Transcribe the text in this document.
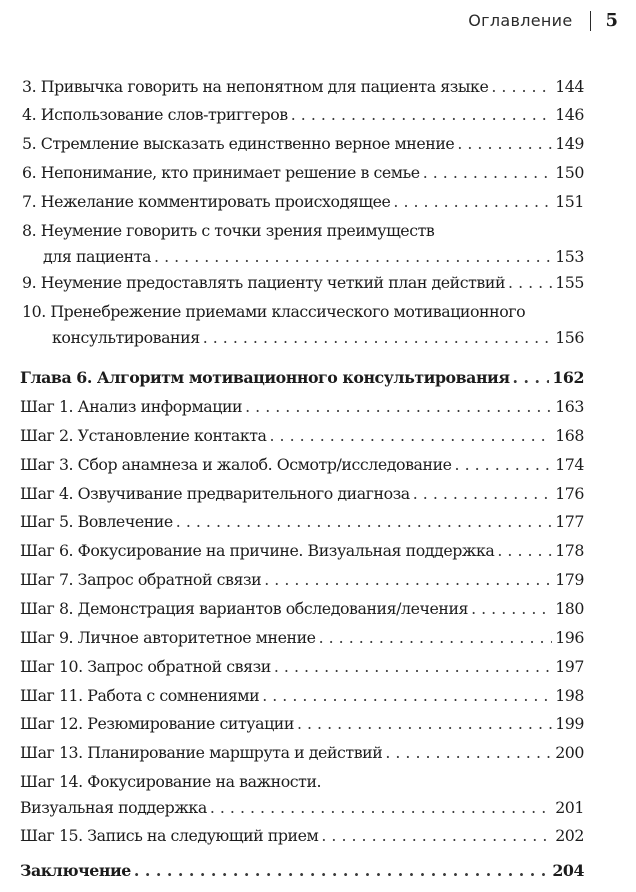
Оглавление 5
3. Привычка говорить на непонятном для пациента языке . . .	144
4. Использование слов-триггеров . . .	146
5. Стремление высказать единственно верное мнение . . .	149
6. Непонимание, кто принимает решение в семье . . .	150
7. Нежелание комментировать происходящее . . .	151
8. Неумение говорить с точки зрения преимуществ
для пациента . . .	153
9. Неумение предоставлять пациенту четкий план действий . . .	155
10. Пренебрежение приемами классического мотивационного
консультирования . . .	156
Глава 6. Алгоритм мотивационного консультирования . . .	162
Шаг 1. Анализ информации . . .	163
Шаг 2. Установление контакта . . .	168
Шаг 3. Сбор анамнеза и жалоб. Осмотр/исследование . . .	174
Шаг 4. Озвучивание предварительного диагноза . . .	176
Шаг 5. Вовлечение . . .	177
Шаг 6. Фокусирование на причине. Визуальная поддержка . . .	178
Шаг 7. Запрос обратной связи . . .	179
Шаг 8. Демонстрация вариантов обследования/лечения . . .	180
Шаг 9. Личное авторитетное мнение . . .	196
Шаг 10. Запрос обратной связи . . .	197
Шаг 11. Работа с сомнениями . . .	198
Шаг 12. Резюмирование ситуации . . .	199
Шаг 13. Планирование маршрута и действий . . .	200
Шаг 14. Фокусирование на важности.
Визуальная поддержка . . .	201
Шаг 15. Запись на следующий прием . . .	202
Заключение . . .	204
